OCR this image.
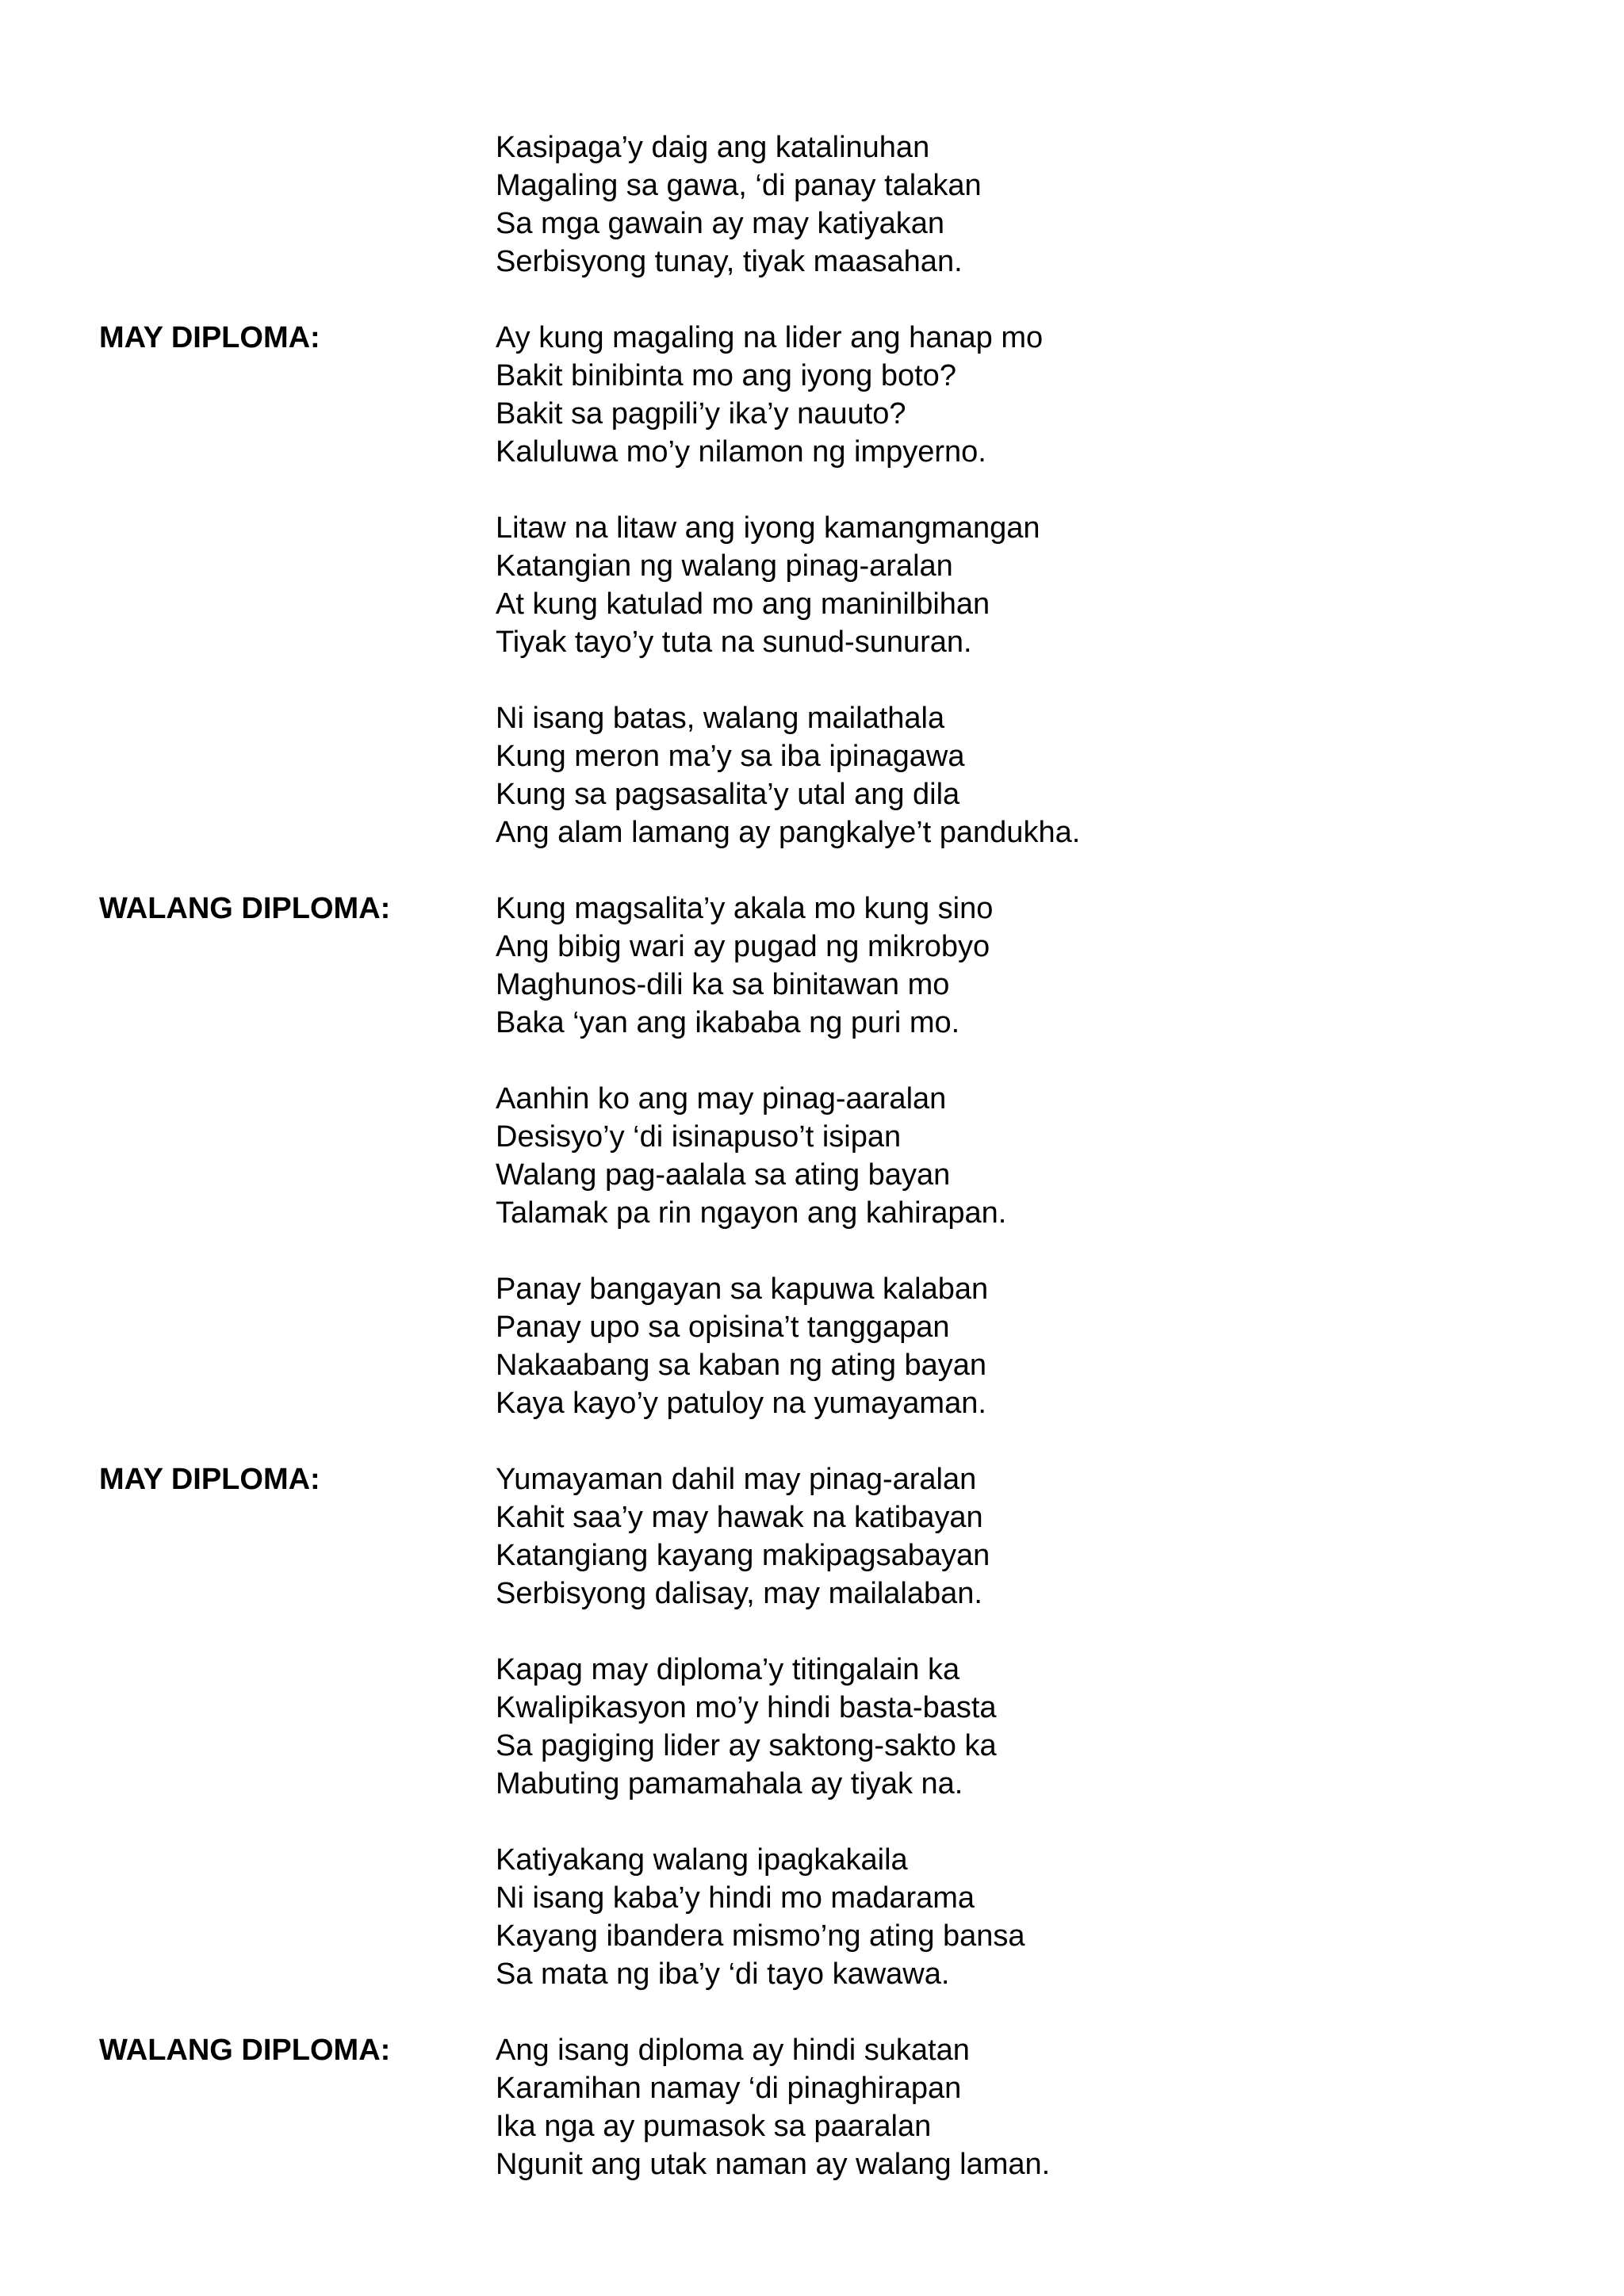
Kasipaga’y daig ang katalinuhan
Magaling sa gawa, ‘di panay talakan
Sa mga gawain ay may katiyakan
Serbisyong tunay, tiyak maasahan.
MAY DIPLOMA:	Ay kung magaling na lider ang hanap mo
Bakit binibinta mo ang iyong boto?
Bakit sa pagpili’y ika’y nauuto?
Kaluluwa mo’y nilamon ng impyerno.
Litaw na litaw ang iyong kamangmangan
Katangian ng walang pinag-aralan
At kung katulad mo ang maninilbihan
Tiyak tayo’y tuta na sunud-sunuran.
Ni isang batas, walang mailathala
Kung meron ma’y sa iba ipinagawa
Kung sa pagsasalita’y utal ang dila
Ang alam lamang ay pangkalye’t pandukha.
WALANG DIPLOMA:	Kung magsalita’y akala mo kung sino
Ang bibig wari ay pugad ng mikrobyo
Maghunos-dili ka sa binitawan mo
Baka ‘yan ang ikababa ng puri mo.
Aanhin ko ang may pinag-aaralan
Desisyo’y ‘di isinapuso’t isipan
Walang pag-aalala sa ating bayan
Talamak pa rin ngayon ang kahirapan.
Panay bangayan sa kapuwa kalaban
Panay upo sa opisina’t tanggapan
Nakaabang sa kaban ng ating bayan
Kaya kayo’y patuloy na yumayaman.
MAY DIPLOMA:	Yumayaman dahil may pinag-aralan
Kahit saa’y may hawak na katibayan
Katangiang kayang makipagsabayan
Serbisyong dalisay, may mailalaban.
Kapag may diploma’y titingalain ka
Kwalipikasyon mo’y hindi basta-basta
Sa pagiging lider ay saktong-sakto ka
Mabuting pamamahala ay tiyak na.
Katiyakang walang ipagkakaila
Ni isang kaba’y hindi mo madarama
Kayang ibandera mismo’ng ating bansa
Sa mata ng iba’y ‘di tayo kawawa.
WALANG DIPLOMA:	Ang isang diploma ay hindi sukatan
Karamihan namay ‘di pinaghirapan
Ika nga ay pumasok sa paaralan
Ngunit ang utak naman ay walang laman.
